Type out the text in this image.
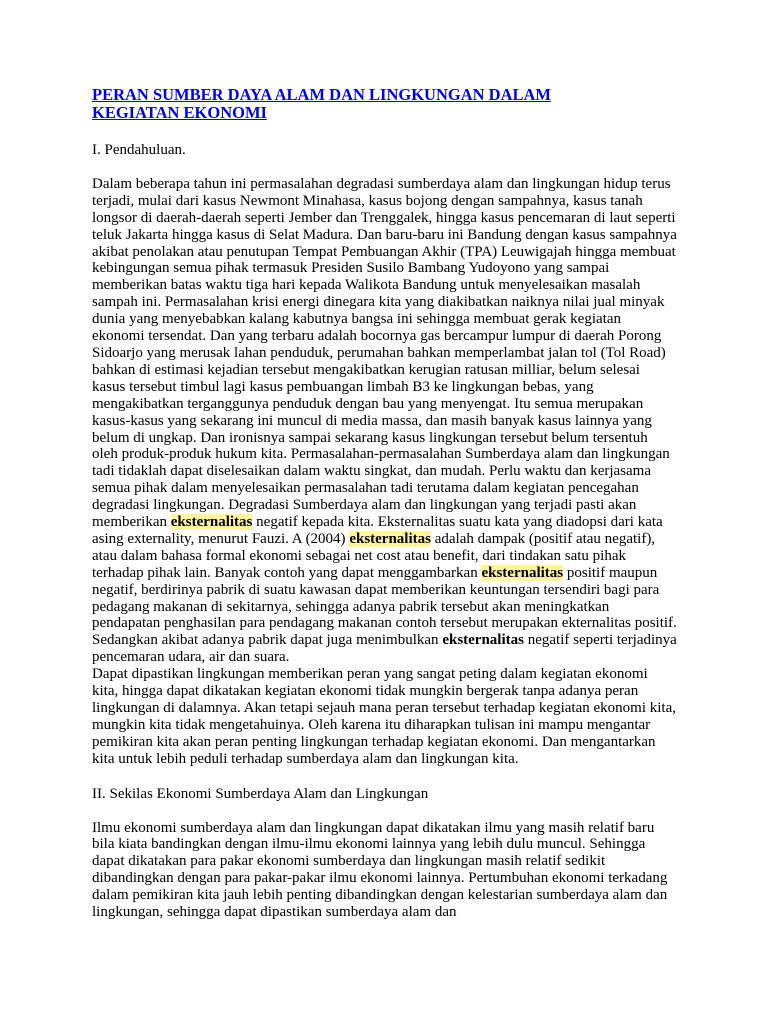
PERAN SUMBER DAYA ALAM DAN LINGKUNGAN DALAM KEGIATAN EKONOMI

I. Pendahuluan.

Dalam beberapa tahun ini permasalahan degradasi sumberdaya alam dan lingkungan hidup terus terjadi, mulai dari kasus Newmont Minahasa, kasus bojong dengan sampahnya, kasus tanah longsor di daerah-daerah seperti Jember dan Trenggalek, hingga kasus pencemaran di laut seperti teluk Jakarta hingga kasus di Selat Madura. Dan baru-baru ini Bandung dengan kasus sampahnya akibat penolakan atau penutupan Tempat Pembuangan Akhir (TPA) Leuwigajah hingga membuat kebingungan semua pihak termasuk Presiden Susilo Bambang Yudoyono yang sampai memberikan batas waktu tiga hari kepada Walikota Bandung untuk menyelesaikan masalah sampah ini. Permasalahan krisi energi dinegara kita yang diakibatkan naiknya nilai jual minyak dunia yang menyebabkan kalang kabutnya bangsa ini sehingga membuat gerak kegiatan ekonomi tersendat. Dan yang terbaru adalah bocornya gas bercampur lumpur di daerah Porong Sidoarjo yang merusak lahan penduduk, perumahan bahkan memperlambat jalan tol (Tol Road) bahkan di estimasi kejadian tersebut mengakibatkan kerugian ratusan milliar, belum selesai kasus tersebut timbul lagi kasus pembuangan limbah B3 ke lingkungan bebas, yang mengakibatkan terganggunya penduduk dengan bau yang menyengat. Itu semua merupakan kasus-kasus yang sekarang ini muncul di media massa, dan masih banyak kasus lainnya yang belum di ungkap. Dan ironisnya sampai sekarang kasus lingkungan tersebut belum tersentuh oleh produk-produk hukum kita. Permasalahan-permasalahan Sumberdaya alam dan lingkungan tadi tidaklah dapat diselesaikan dalam waktu singkat, dan mudah. Perlu waktu dan kerjasama semua pihak dalam menyelesaikan permasalahan tadi terutama dalam kegiatan pencegahan degradasi lingkungan. Degradasi Sumberdaya alam dan lingkungan yang terjadi pasti akan memberikan eksternalitas negatif kepada kita. Eksternalitas suatu kata yang diadopsi dari kata asing externality, menurut Fauzi. A (2004) eksternalitas adalah dampak (positif atau negatif), atau dalam bahasa formal ekonomi sebagai net cost atau benefit, dari tindakan satu pihak terhadap pihak lain. Banyak contoh yang dapat menggambarkan eksternalitas positif maupun negatif, berdirinya pabrik di suatu kawasan dapat memberikan keuntungan tersendiri bagi para pedagang makanan di sekitarnya, sehingga adanya pabrik tersebut akan meningkatkan pendapatan penghasilan para pendagang makanan contoh tersebut merupakan ekternalitas positif. Sedangkan akibat adanya pabrik dapat juga menimbulkan eksternalitas negatif seperti terjadinya pencemaran udara, air dan suara.
Dapat dipastikan lingkungan memberikan peran yang sangat peting dalam kegiatan ekonomi kita, hingga dapat dikatakan kegiatan ekonomi tidak mungkin bergerak tanpa adanya peran lingkungan di dalamnya. Akan tetapi sejauh mana peran tersebut terhadap kegiatan ekonomi kita, mungkin kita tidak mengetahuinya. Oleh karena itu diharapkan tulisan ini mampu mengantar pemikiran kita akan peran penting lingkungan terhadap kegiatan ekonomi. Dan mengantarkan kita untuk lebih peduli terhadap sumberdaya alam dan lingkungan kita.

II. Sekilas Ekonomi Sumberdaya Alam dan Lingkungan

Ilmu ekonomi sumberdaya alam dan lingkungan dapat dikatakan ilmu yang masih relatif baru bila kiata bandingkan dengan ilmu-ilmu ekonomi lainnya yang lebih dulu muncul. Sehingga dapat dikatakan para pakar ekonomi sumberdaya dan lingkungan masih relatif sedikit dibandingkan dengan para pakar-pakar ilmu ekonomi lainnya. Pertumbuhan ekonomi terkadang dalam pemikiran kita jauh lebih penting dibandingkan dengan kelestarian sumberdaya alam dan lingkungan, sehingga dapat dipastikan sumberdaya alam dan
